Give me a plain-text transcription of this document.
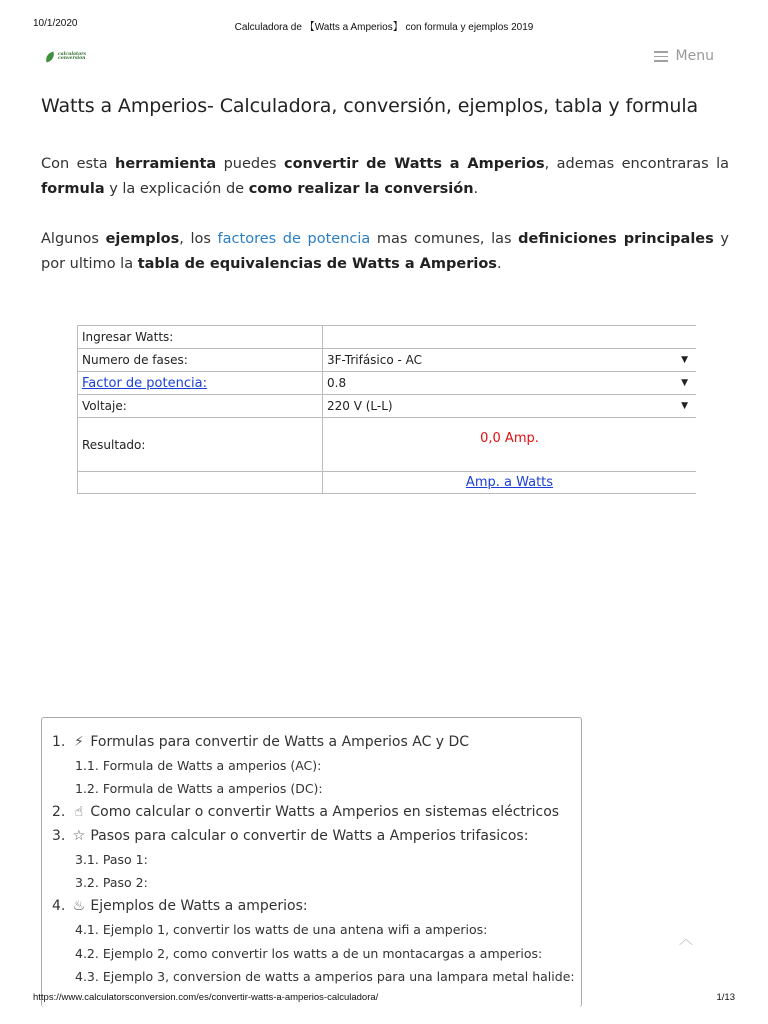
10/1/2020	Calculadora de 【Watts a Amperios】 con formula y ejemplos 2019
calculators
conversion	Menu
Watts a Amperios- Calculadora, conversión, ejemplos, tabla y formula

Con esta herramienta puedes convertir de Watts a Amperios, ademas encontraras la formula y la explicación de como realizar la conversión.

Algunos ejemplos, los factores de potencia mas comunes, las definiciones principales y por ultimo la tabla de equivalencias de Watts a Amperios.

Ingresar Watts:	
Numero de fases:	3F-Trifásico - AC ▼

Factor de potencia:	0.8 ▼

Voltaje:	220 V (L-L) ▼

Resultado:	0,0 Amp.

	Amp. a Watts
1. ⚡ Formulas para convertir de Watts a Amperios AC y DC
1.1. Formula de Watts a amperios (AC):
1.2. Formula de Watts a amperios (DC):
2. ☝ Como calcular o convertir Watts a Amperios en sistemas eléctricos
3. ☆ Pasos para calcular o convertir de Watts a Amperios trifasicos:
3.1. Paso 1:
3.2. Paso 2:
4. ♨ Ejemplos de Watts a amperios:
4.1. Ejemplo 1, convertir los watts de una antena wifi a amperios:
4.2. Ejemplo 2, como convertir los watts a de un montacargas a amperios:
4.3. Ejemplo 3, conversion de watts a amperios para una lampara metal halide:
︿
https://www.calculatorsconversion.com/es/convertir-watts-a-amperios-calculadora/	1/13
